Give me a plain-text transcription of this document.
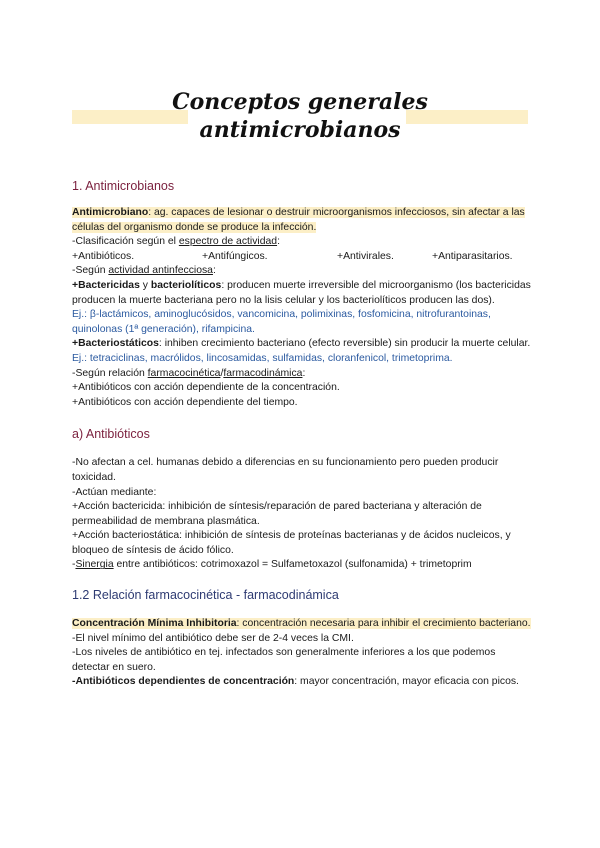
Conceptos generales
antimicrobianos

1. Antimicrobianos

Antimicrobiano: ag. capaces de lesionar o destruir microorganismos infecciosos, sin afectar a las células del organismo donde se produce la infección.

-Clasificación según el espectro de actividad:

+Antibióticos.	+Antifúngicos.	+Antivirales.	+Antiparasitarios.

-Según actividad antinfecciosa:

+Bactericidas y bacteriolíticos: producen muerte irreversible del microorganismo (los bactericidas producen la muerte bacteriana pero no la lisis celular y los bacteriolíticos producen las dos).

Ej.: β-lactámicos, aminoglucósidos, vancomicina, polimixinas, fosfomicina, nitrofurantoinas, quinolonas (1ª generación), rifampicina.

+Bacteriostáticos: inhiben crecimiento bacteriano (efecto reversible) sin producir la muerte celular.

Ej.: tetraciclinas, macrólidos, lincosamidas, sulfamidas, cloranfenicol, trimetoprima.

-Según relación farmacocinética/farmacodinámica:

+Antibióticos con acción dependiente de la concentración.

+Antibióticos con acción dependiente del tiempo.

a) Antibióticos

-No afectan a cel. humanas debido a diferencias en su funcionamiento pero pueden producir toxicidad.

-Actúan mediante:

+Acción bactericida: inhibición de síntesis/reparación de pared bacteriana y alteración de permeabilidad de membrana plasmática.

+Acción bacteriostática: inhibición de síntesis de proteínas bacterianas y de ácidos nucleicos, y bloqueo de síntesis de ácido fólico.

-Sinergia entre antibióticos: cotrimoxazol = Sulfametoxazol (sulfonamida) + trimetoprim

1.2 Relación farmacocinética - farmacodinámica

Concentración Mínima Inhibitoria: concentración necesaria para inhibir el crecimiento bacteriano.

-El nivel mínimo del antibiótico debe ser de 2-4 veces la CMI.

-Los niveles de antibiótico en tej. infectados son generalmente inferiores a los que podemos detectar en suero.

-Antibióticos dependientes de concentración: mayor concentración, mayor eficacia con picos.
